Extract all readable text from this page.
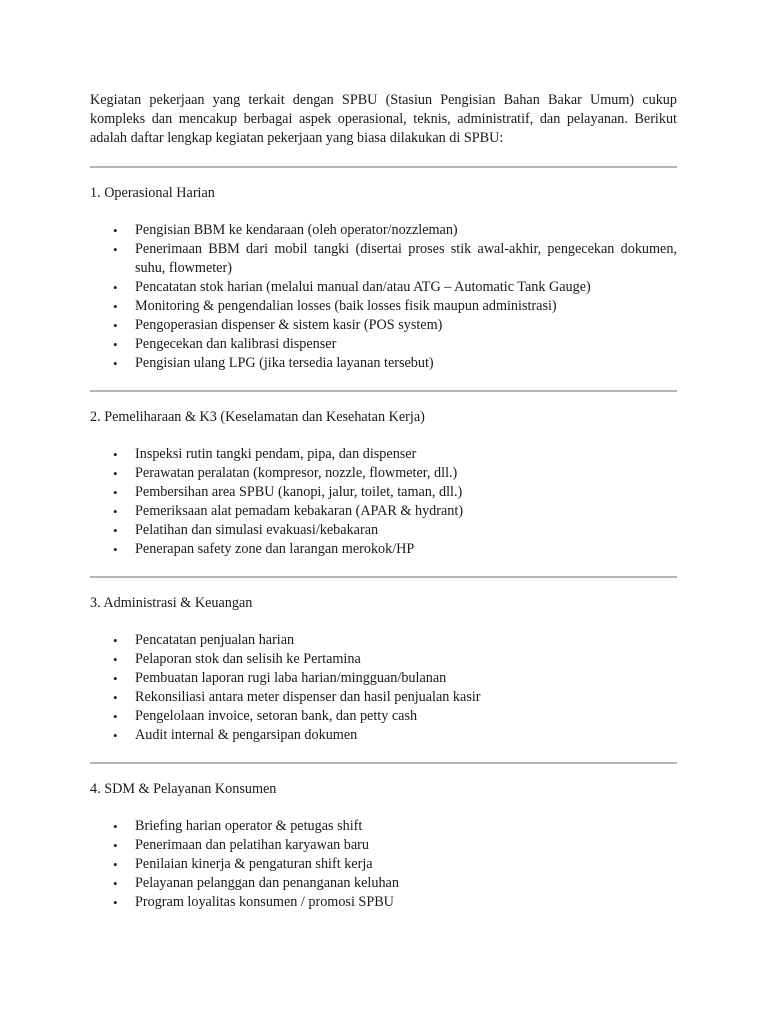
Kegiatan pekerjaan yang terkait dengan SPBU (Stasiun Pengisian Bahan Bakar Umum) cukup kompleks dan mencakup berbagai aspek operasional, teknis, administratif, dan pelayanan. Berikut adalah daftar lengkap kegiatan pekerjaan yang biasa dilakukan di SPBU:

1. Operasional Harian
• Pengisian BBM ke kendaraan (oleh operator/nozzleman)
• Penerimaan BBM dari mobil tangki (disertai proses stik awal-akhir, pengecekan dokumen, suhu, flowmeter)
• Pencatatan stok harian (melalui manual dan/atau ATG – Automatic Tank Gauge)
• Monitoring & pengendalian losses (baik losses fisik maupun administrasi)
• Pengoperasian dispenser & sistem kasir (POS system)
• Pengecekan dan kalibrasi dispenser
• Pengisian ulang LPG (jika tersedia layanan tersebut)
2. Pemeliharaan & K3 (Keselamatan dan Kesehatan Kerja)
• Inspeksi rutin tangki pendam, pipa, dan dispenser
• Perawatan peralatan (kompresor, nozzle, flowmeter, dll.)
• Pembersihan area SPBU (kanopi, jalur, toilet, taman, dll.)
• Pemeriksaan alat pemadam kebakaran (APAR & hydrant)
• Pelatihan dan simulasi evakuasi/kebakaran
• Penerapan safety zone dan larangan merokok/HP
3. Administrasi & Keuangan
• Pencatatan penjualan harian
• Pelaporan stok dan selisih ke Pertamina
• Pembuatan laporan rugi laba harian/mingguan/bulanan
• Rekonsiliasi antara meter dispenser dan hasil penjualan kasir
• Pengelolaan invoice, setoran bank, dan petty cash
• Audit internal & pengarsipan dokumen
4. SDM & Pelayanan Konsumen
• Briefing harian operator & petugas shift
• Penerimaan dan pelatihan karyawan baru
• Penilaian kinerja & pengaturan shift kerja
• Pelayanan pelanggan dan penanganan keluhan
• Program loyalitas konsumen / promosi SPBU
